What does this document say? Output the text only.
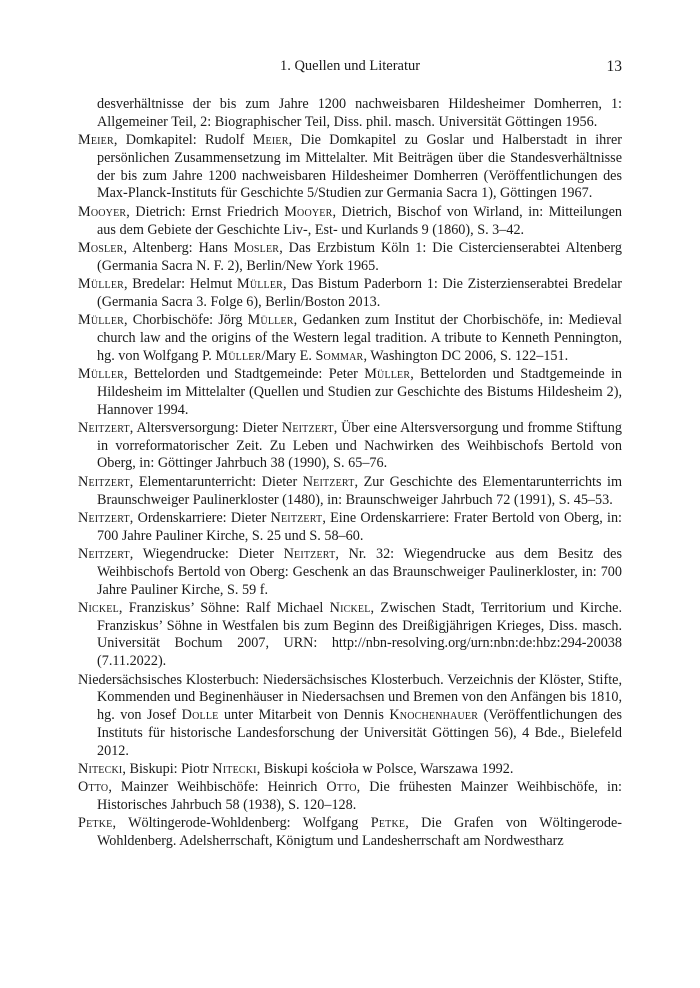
1. Quellen und Literatur	13

desverhältnisse der bis zum Jahre 1200 nachweisbaren Hildesheimer Domherren, 1: Allgemeiner Teil, 2: Biographischer Teil, Diss. phil. masch. Universität Göttingen 1956.

Meier, Domkapitel: Rudolf Meier, Die Domkapitel zu Goslar und Halberstadt in ihrer persönlichen Zusammensetzung im Mittelalter. Mit Beiträgen über die Standesverhältnisse der bis zum Jahre 1200 nachweisbaren Hildesheimer Domherren (Veröffentlichungen des Max-Planck-Instituts für Geschichte 5/Studien zur Germania Sacra 1), Göttingen 1967.

Mooyer, Dietrich: Ernst Friedrich Mooyer, Dietrich, Bischof von Wirland, in: Mitteilungen aus dem Gebiete der Geschichte Liv-, Est- und Kurlands 9 (1860), S. 3–42.

Mosler, Altenberg: Hans Mosler, Das Erzbistum Köln 1: Die Cistercienserabtei Altenberg (Germania Sacra N. F. 2), Berlin/New York 1965.

Müller, Bredelar: Helmut Müller, Das Bistum Paderborn 1: Die Zisterzienserabtei Bredelar (Germania Sacra 3. Folge 6), Berlin/Boston 2013.

Müller, Chorbischöfe: Jörg Müller, Gedanken zum Institut der Chorbischöfe, in: Medieval church law and the origins of the Western legal tradition. A tribute to Kenneth Pennington, hg. von Wolfgang P. Müller/Mary E. Sommar, Washington DC 2006, S. 122–151.

Müller, Bettelorden und Stadtgemeinde: Peter Müller, Bettelorden und Stadtgemeinde in Hildesheim im Mittelalter (Quellen und Studien zur Geschichte des Bistums Hildesheim 2), Hannover 1994.

Neitzert, Altersversorgung: Dieter Neitzert, Über eine Altersversorgung und fromme Stiftung in vorreformatorischer Zeit. Zu Leben und Nachwirken des Weihbischofs Bertold von Oberg, in: Göttinger Jahrbuch 38 (1990), S. 65–76.

Neitzert, Elementarunterricht: Dieter Neitzert, Zur Geschichte des Elementarunterrichts im Braunschweiger Paulinerkloster (1480), in: Braunschweiger Jahrbuch 72 (1991), S. 45–53.

Neitzert, Ordenskarriere: Dieter Neitzert, Eine Ordenskarriere: Frater Bertold von Oberg, in: 700 Jahre Pauliner Kirche, S. 25 und S. 58–60.

Neitzert, Wiegendrucke: Dieter Neitzert, Nr. 32: Wiegendrucke aus dem Besitz des Weihbischofs Bertold von Oberg: Geschenk an das Braunschweiger Paulinerkloster, in: 700 Jahre Pauliner Kirche, S. 59 f.

Nickel, Franziskus’ Söhne: Ralf Michael Nickel, Zwischen Stadt, Territorium und Kirche. Franziskus’ Söhne in Westfalen bis zum Beginn des Dreißigjährigen Krieges, Diss. masch. Universität Bochum 2007, URN: http://nbn-resolving.org/urn:nbn:de:hbz:294-20038 (7.11.2022).

Niedersächsisches Klosterbuch: Niedersächsisches Klosterbuch. Verzeichnis der Klöster, Stifte, Kommenden und Beginenhäuser in Niedersachsen und Bremen von den Anfängen bis 1810, hg. von Josef Dolle unter Mitarbeit von Dennis Knochenhauer (Veröffentlichungen des Instituts für historische Landesforschung der Universität Göttingen 56), 4 Bde., Bielefeld 2012.

Nitecki, Biskupi: Piotr Nitecki, Biskupi kościoła w Polsce, Warszawa 1992.

Otto, Mainzer Weihbischöfe: Heinrich Otto, Die frühesten Mainzer Weihbischöfe, in: Historisches Jahrbuch 58 (1938), S. 120–128.

Petke, Wöltingerode-Wohldenberg: Wolfgang Petke, Die Grafen von Wöltingerode-Wohldenberg. Adelsherrschaft, Königtum und Landesherrschaft am Nordwestharz
